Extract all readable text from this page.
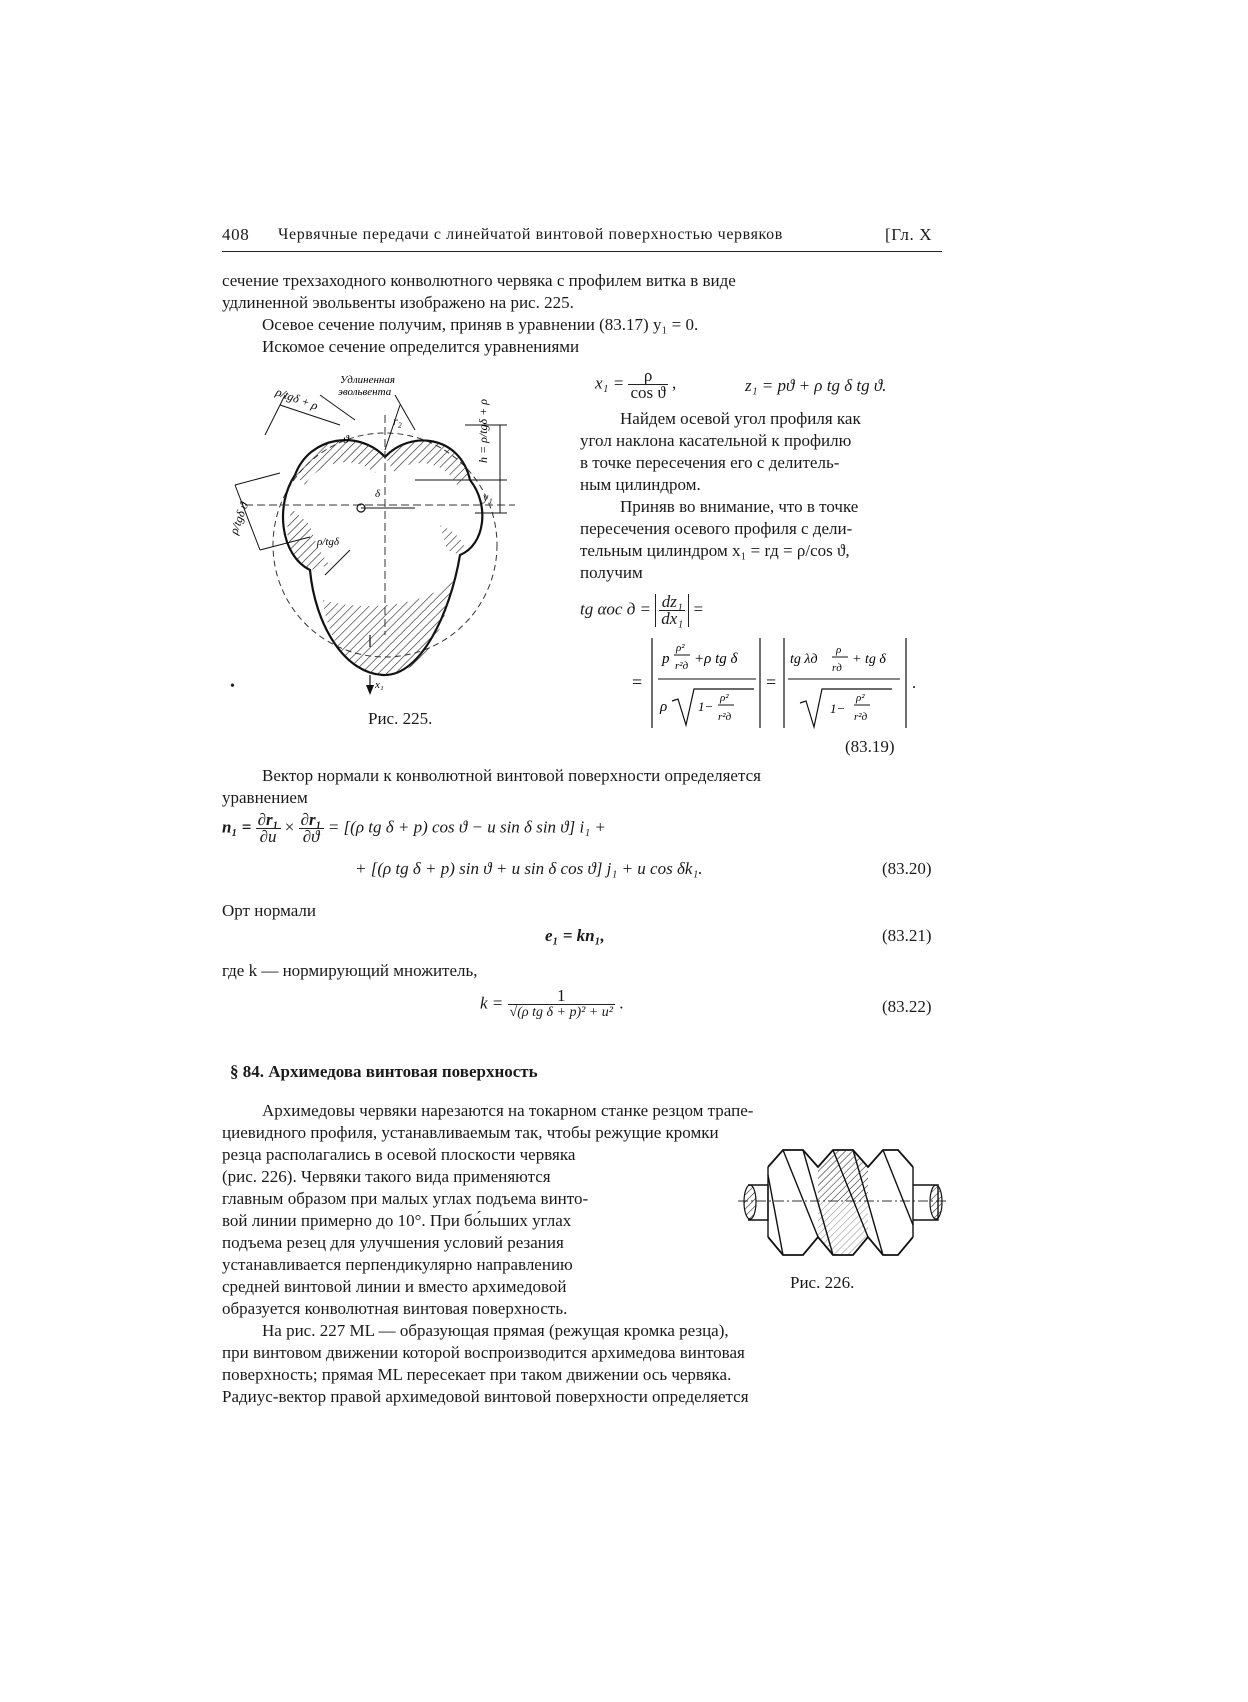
408 Червячные передачи с линейчатой винтовой поверхностью червяков	[Гл. X
сечение трехзаходного конволютного червяка с профилем витка в виде
удлиненной эвольвенты изображено на рис. 225.
Осевое сечение получим, приняв в уравнении (83.17) y₁ = 0.
Искомое сечение определится уравнениями
$x_1 = \frac{\rho}{\text{cos ϑ}}$ ,	z₁ = pϑ + ρ tg δ tg ϑ.
Удлиненная
эвольвента
ρ/tgδ + ρ
r₂
ϑ
δ
h = ρ/tgδ + ρ
y₁
ρ/tgδ ϑ
ρ/tgδ
x₁
Рис. 225.
•
Найдем осевой угол профиля как
угол наклона касательной к профилю
в точке пересечения его с делитель-
ным цилиндром.
Приняв во внимание, что в точке
пересечения осевого профиля с дели-
тельным цилиндром x₁ = rд = ρ/cos ϑ,
получим
tg αос $д = \frac{\text{dz₁}}{\text{dx₁}}$ =
=
p
ρ²
r²д +ρ tg δ
ρ 1−
ρ²
r²д
=
tg λд
ρ
rд
+ tg δ
1−
ρ²
r²д
.
(83.19)
Вектор нормали к конволютной винтовой поверхности определяется
уравнением
$n_1 = \frac{\text{∂r₁}}{\partial u} \times \frac{\text{∂r₁}}{\partial ϑ} = [(\rho$ tg δ + p) cos ϑ − u sin δ sin ϑ] i₁ +
+ [(ρ tg δ + p) sin ϑ + u sin δ cos ϑ] j₁ + u cos δk₁.	(83.20)
Орт нормали
e₁ = kn₁,	(83.21)
где k — нормирующий множитель,
$k = \frac{1}{\text{√(ρ tg δ + p)² + u²}}$ .	(83.22)
§ 84. Архимедова винтовая поверхность
Архимедовы червяки нарезаются на токарном станке резцом трапе-
циевидного профиля, устанавливаемым так, чтобы режущие кромки
резца располагались в осевой плоскости червяка
(рис. 226). Червяки такого вида применяются
главным образом при малых углах подъема винто-
вой линии примерно до 10°. При бо́льших углах
подъема резец для улучшения условий резания
устанавливается перпендикулярно направлению
средней винтовой линии и вместо архимедовой
образуется конволютная винтовая поверхность.
Рис. 226.
На рис. 227 ML — образующая прямая (режущая кромка резца),
при винтовом движении которой воспроизводится архимедова винтовая
поверхность; прямая ML пересекает при таком движении ось червяка.
Радиус-вектор правой архимедовой винтовой поверхности определяется
